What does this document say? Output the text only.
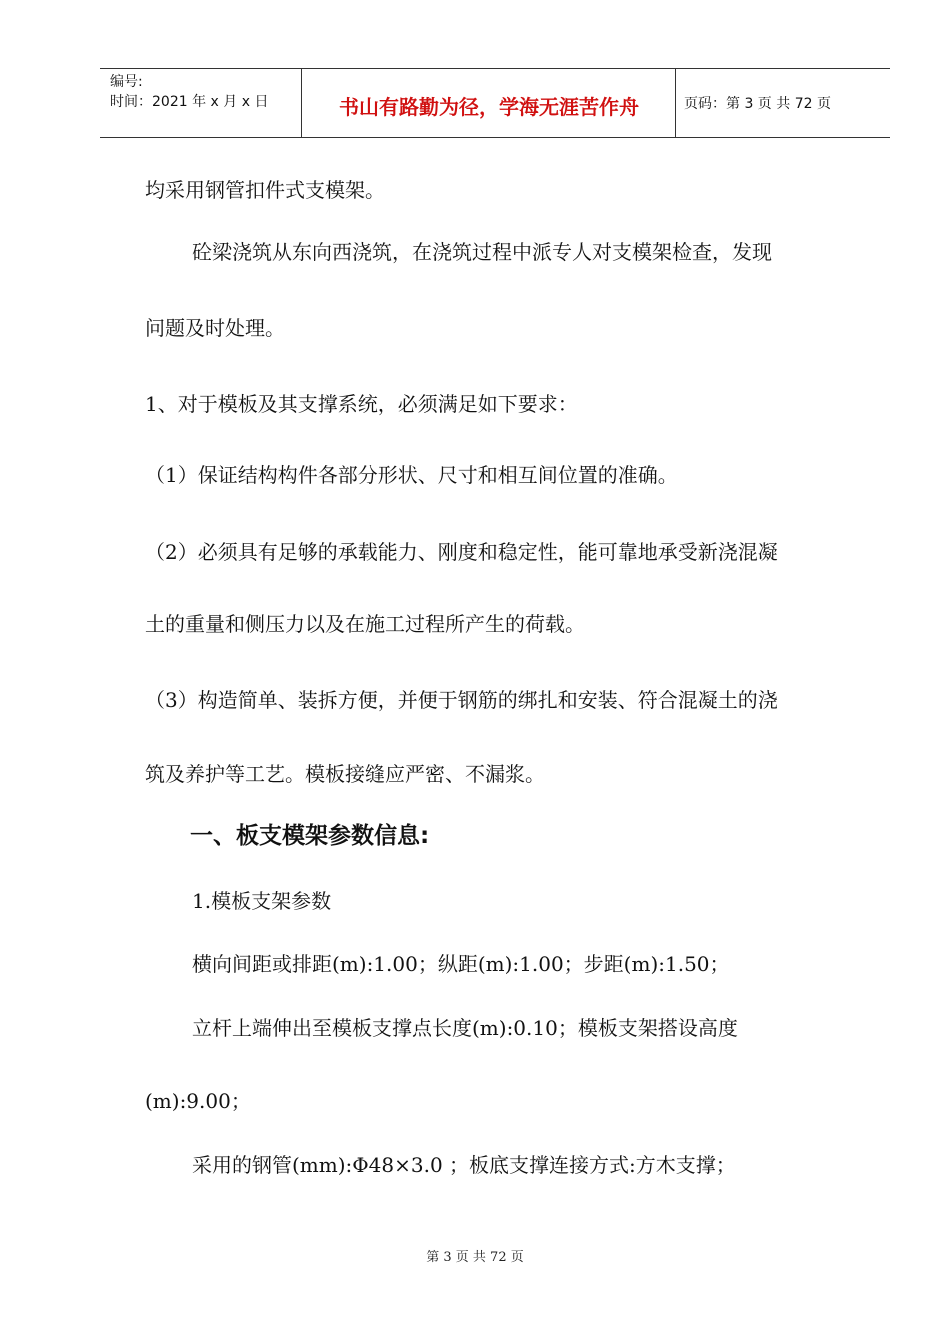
编号:
时间：2021 年 x 月 x 日	书山有路勤为径，学海无涯苦作舟	页码：第 3 页 共 72 页
均采用钢管扣件式支模架。
砼梁浇筑从东向西浇筑，在浇筑过程中派专人对支模架检查，发现
问题及时处理。
1、对于模板及其支撑系统，必须满足如下要求：
（1）保证结构构件各部分形状、尺寸和相互间位置的准确。
（2）必须具有足够的承载能力、刚度和稳定性，能可靠地承受新浇混凝
土的重量和侧压力以及在施工过程所产生的荷载。
（3）构造简单、装拆方便，并便于钢筋的绑扎和安装、符合混凝土的浇
筑及养护等工艺。模板接缝应严密、不漏浆。
一、板支模架参数信息:
1.模板支架参数
横向间距或排距(m):1.00；纵距(m):1.00；步距(m):1.50；
立杆上端伸出至模板支撑点长度(m):0.10；模板支架搭设高度
(m):9.00；
采用的钢管(mm):Φ48×3.0 ；板底支撑连接方式:方木支撑；
第 3 页 共 72 页
